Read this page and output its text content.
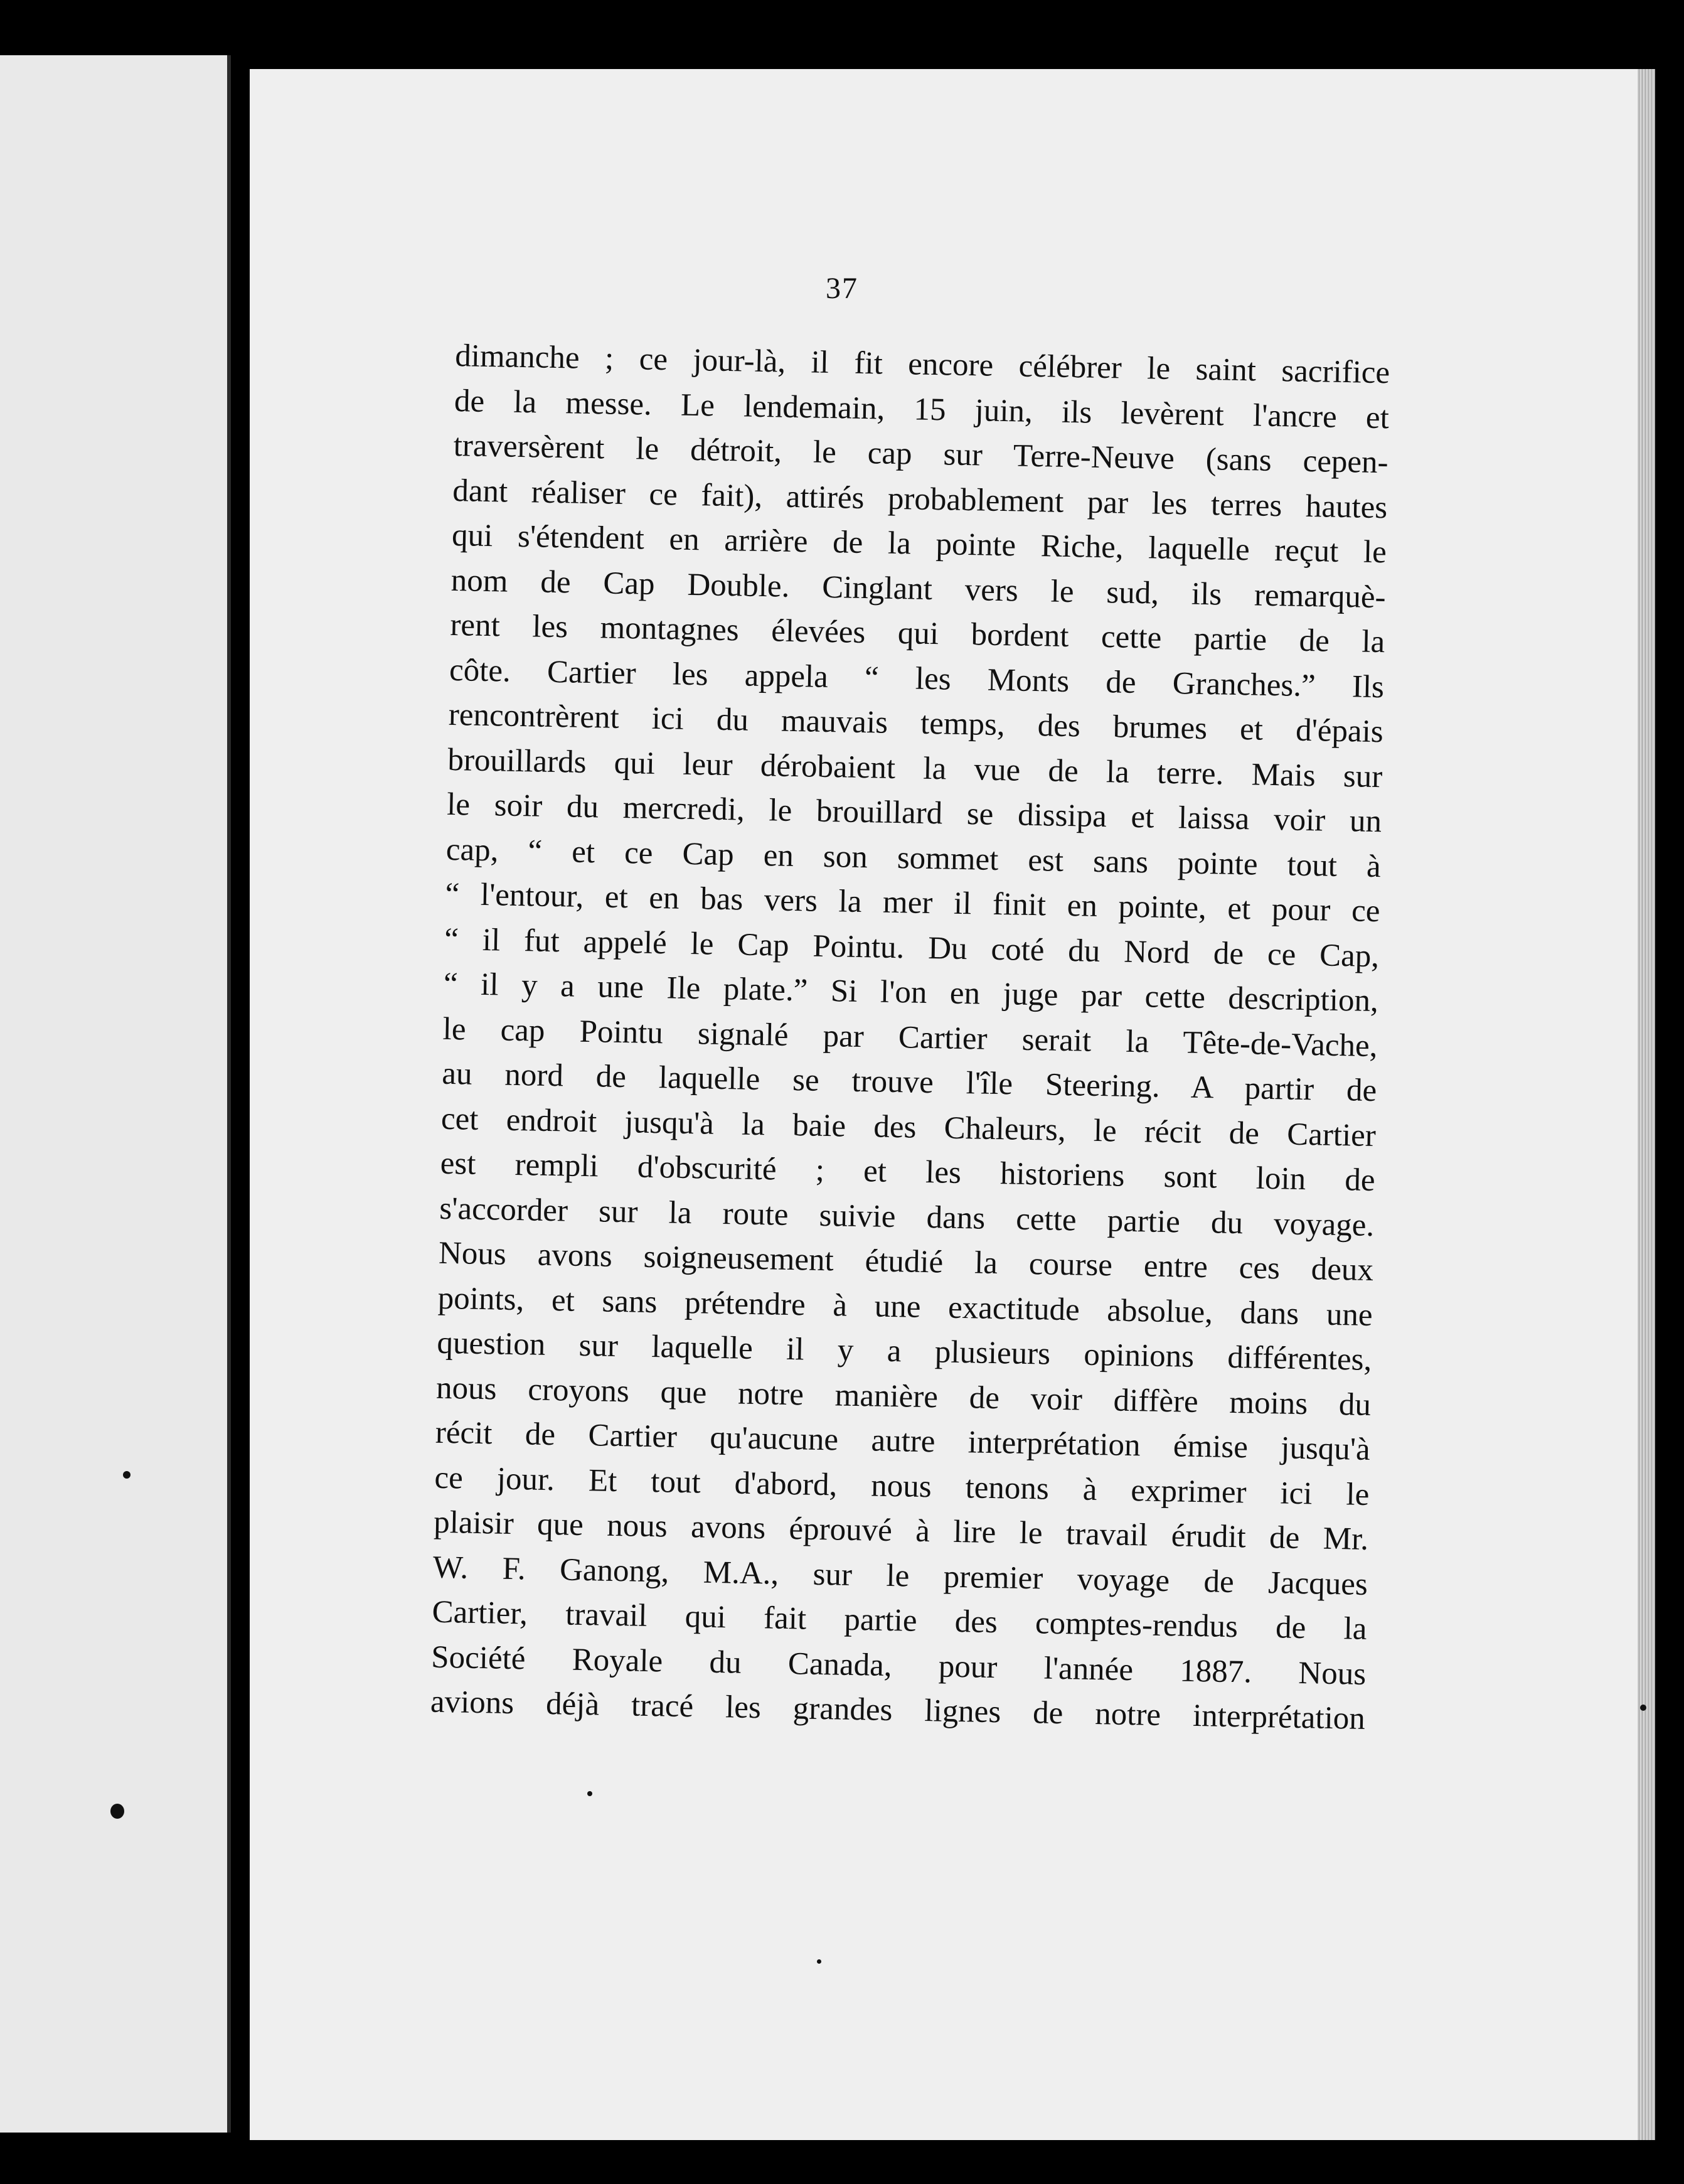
37
dimanche ; ce jour-là, il fit encore célébrer le saint sacrifice
de la messe. Le lendemain, 15 juin, ils levèrent l'ancre et
traversèrent le détroit, le cap sur Terre-Neuve (sans cepen-
dant réaliser ce fait), attirés probablement par les terres hautes
qui s'étendent en arrière de la pointe Riche, laquelle reçut le
nom de Cap Double. Cinglant vers le sud, ils remarquè-
rent les montagnes élevées qui bordent cette partie de la
côte. Cartier les appela “ les Monts de Granches.” Ils
rencontrèrent ici du mauvais temps, des brumes et d'épais
brouillards qui leur dérobaient la vue de la terre. Mais sur
le soir du mercredi, le brouillard se dissipa et laissa voir un
cap, “ et ce Cap en son sommet est sans pointe tout à
“ l'entour, et en bas vers la mer il finit en pointe, et pour ce
“ il fut appelé le Cap Pointu. Du coté du Nord de ce Cap,
“ il y a une Ile plate.” Si l'on en juge par cette description,
le cap Pointu signalé par Cartier serait la Tête-de-Vache,
au nord de laquelle se trouve l'île Steering. A partir de
cet endroit jusqu'à la baie des Chaleurs, le récit de Cartier
est rempli d'obscurité ; et les historiens sont loin de
s'accorder sur la route suivie dans cette partie du voyage.
Nous avons soigneusement étudié la course entre ces deux
points, et sans prétendre à une exactitude absolue, dans une
question sur laquelle il y a plusieurs opinions différentes,
nous croyons que notre manière de voir diffère moins du
récit de Cartier qu'aucune autre interprétation émise jusqu'à
ce jour. Et tout d'abord, nous tenons à exprimer ici le
plaisir que nous avons éprouvé à lire le travail érudit de Mr.
W. F. Ganong, M.A., sur le premier voyage de Jacques
Cartier, travail qui fait partie des comptes-rendus de la
Société Royale du Canada, pour l'année 1887. Nous
avions déjà tracé les grandes lignes de notre interprétation
